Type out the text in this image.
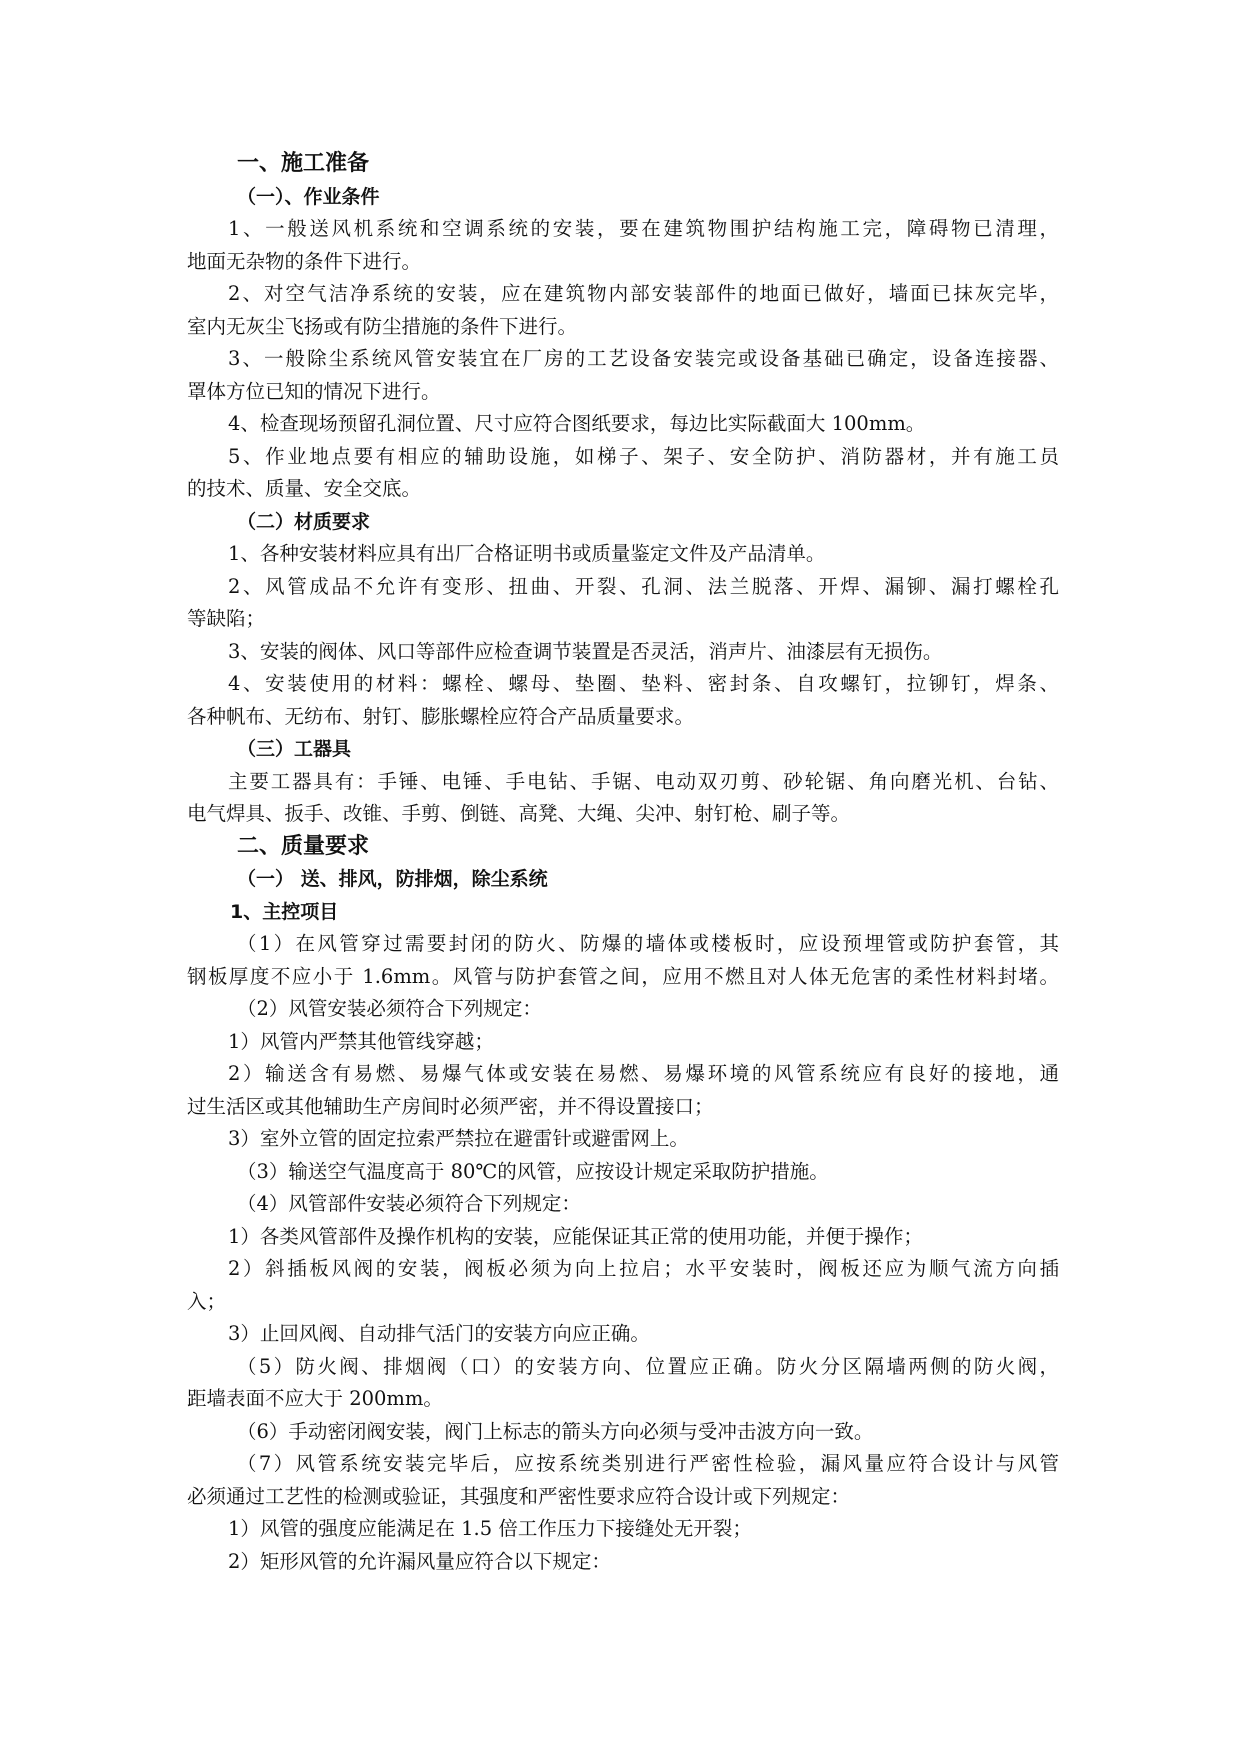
一、施工准备
（一）、作业条件
1、一般送风机系统和空调系统的安装，要在建筑物围护结构施工完，障碍物已清理，
地面无杂物的条件下进行。
2、对空气洁净系统的安装，应在建筑物内部安装部件的地面已做好，墙面已抹灰完毕，
室内无灰尘飞扬或有防尘措施的条件下进行。
3、一般除尘系统风管安装宜在厂房的工艺设备安装完或设备基础已确定，设备连接器、
罩体方位已知的情况下进行。
4、检查现场预留孔洞位置、尺寸应符合图纸要求，每边比实际截面大 100mm。
5、作业地点要有相应的辅助设施，如梯子、架子、安全防护、消防器材，并有施工员
的技术、质量、安全交底。
（二）材质要求
1、各种安装材料应具有出厂合格证明书或质量鉴定文件及产品清单。
2、风管成品不允许有变形、扭曲、开裂、孔洞、法兰脱落、开焊、漏铆、漏打螺栓孔
等缺陷；
3、安装的阀体、风口等部件应检查调节装置是否灵活，消声片、油漆层有无损伤。
4、安装使用的材料：螺栓、螺母、垫圈、垫料、密封条、自攻螺钉，拉铆钉，焊条、
各种帆布、无纺布、射钉、膨胀螺栓应符合产品质量要求。
（三）工器具
主要工器具有：手锤、电锤、手电钻、手锯、电动双刃剪、砂轮锯、角向磨光机、台钻、
电气焊具、扳手、改锥、手剪、倒链、高凳、大绳、尖冲、射钉枪、刷子等。
二、质量要求
（一） 送、排风，防排烟，除尘系统
1、主控项目
（1）在风管穿过需要封闭的防火、防爆的墙体或楼板时，应设预埋管或防护套管，其
钢板厚度不应小于 1.6mm。风管与防护套管之间，应用不燃且对人体无危害的柔性材料封堵。
（2）风管安装必须符合下列规定：
1）风管内严禁其他管线穿越；
2）输送含有易燃、易爆气体或安装在易燃、易爆环境的风管系统应有良好的接地，通
过生活区或其他辅助生产房间时必须严密，并不得设置接口；
3）室外立管的固定拉索严禁拉在避雷针或避雷网上。
（3）输送空气温度高于 80℃的风管，应按设计规定采取防护措施。
（4）风管部件安装必须符合下列规定：
1）各类风管部件及操作机构的安装，应能保证其正常的使用功能，并便于操作；
2）斜插板风阀的安装，阀板必须为向上拉启；水平安装时，阀板还应为顺气流方向插
入；
3）止回风阀、自动排气活门的安装方向应正确。
（5）防火阀、排烟阀（口）的安装方向、位置应正确。防火分区隔墙两侧的防火阀，
距墙表面不应大于 200mm。
（6）手动密闭阀安装，阀门上标志的箭头方向必须与受冲击波方向一致。
（7）风管系统安装完毕后，应按系统类别进行严密性检验，漏风量应符合设计与风管
必须通过工艺性的检测或验证，其强度和严密性要求应符合设计或下列规定：
1）风管的强度应能满足在 1.5 倍工作压力下接缝处无开裂；
2）矩形风管的允许漏风量应符合以下规定：
